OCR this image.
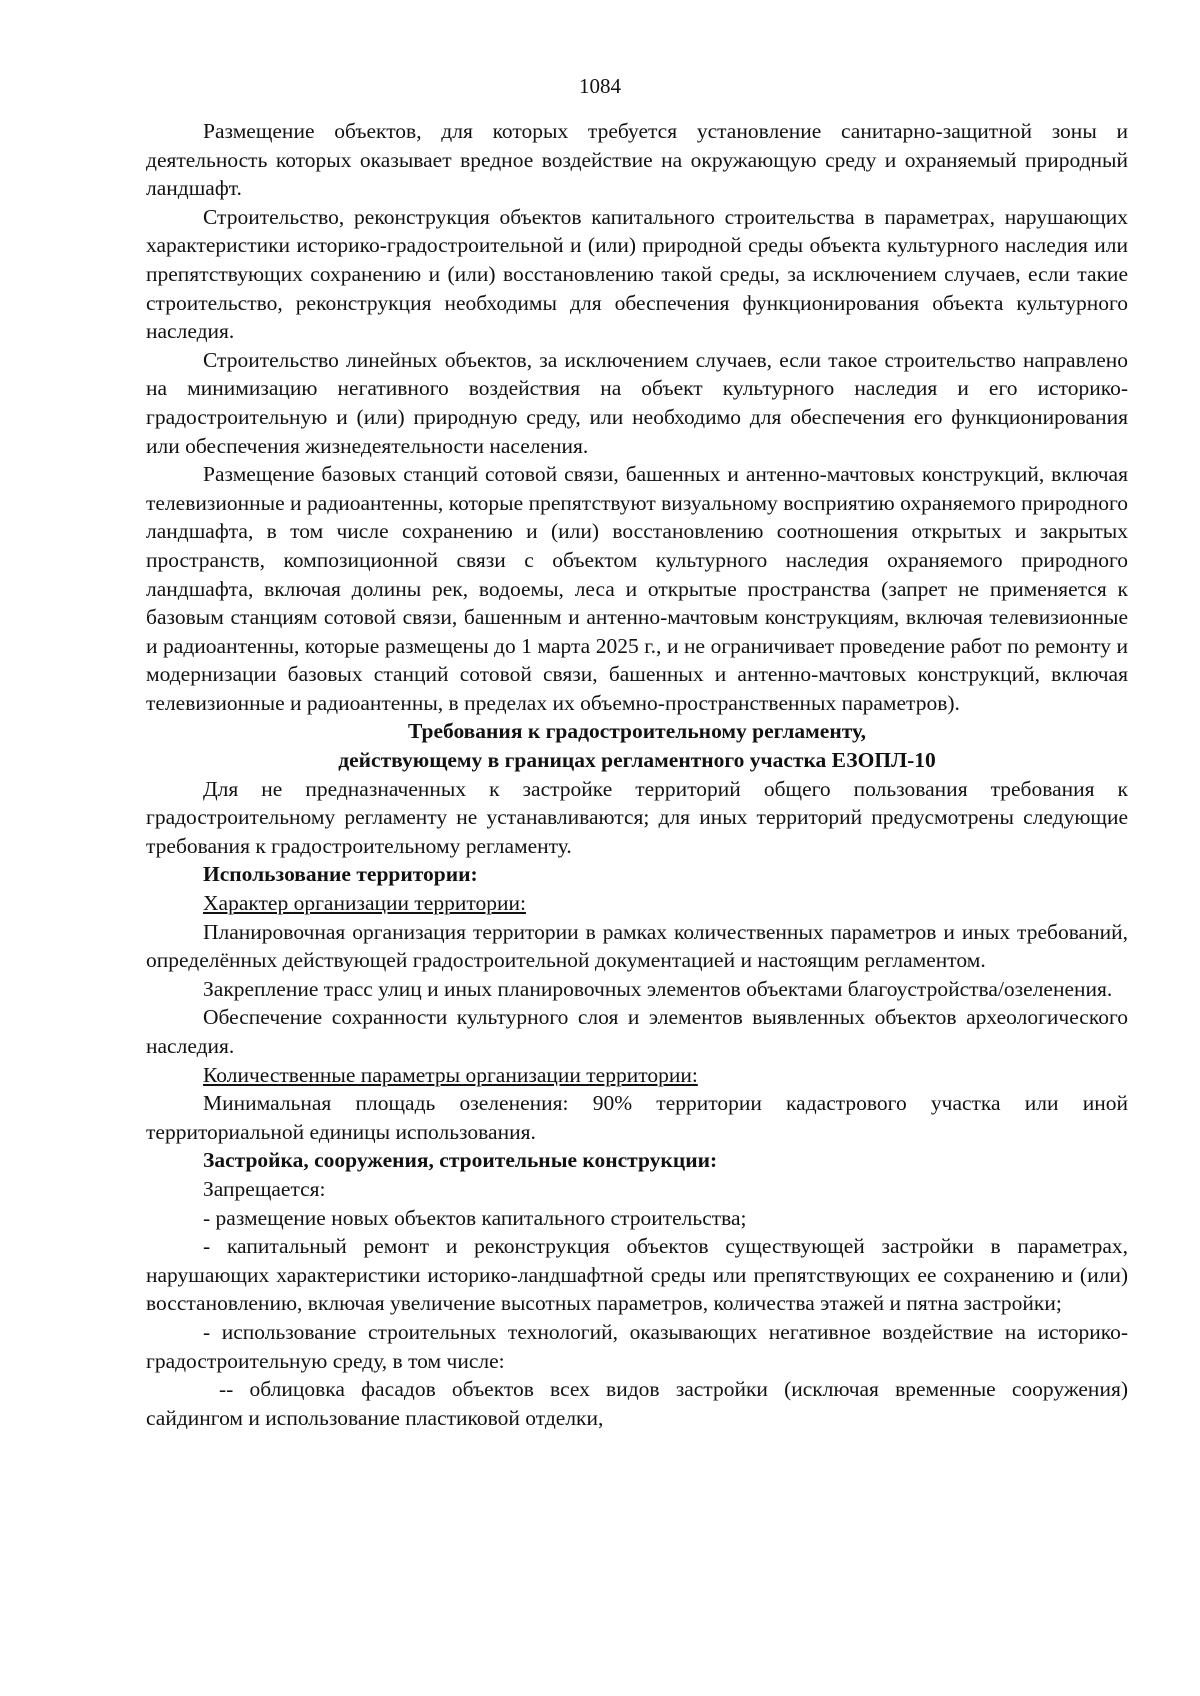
1084

Размещение объектов, для которых требуется установление санитарно-защитной зоны и деятельность которых оказывает вредное воздействие на окружающую среду и охраняемый природный ландшафт.

Строительство, реконструкция объектов капитального строительства в параметрах, нарушающих характеристики историко-градостроительной и (или) природной среды объекта культурного наследия или препятствующих сохранению и (или) восстановлению такой среды, за исключением случаев, если такие строительство, реконструкция необходимы для обеспечения функционирования объекта культурного наследия.

Строительство линейных объектов, за исключением случаев, если такое строительство направлено на минимизацию негативного воздействия на объект культурного наследия и его историко-градостроительную и (или) природную среду, или необходимо для обеспечения его функционирования или обеспечения жизнедеятельности населения.

Размещение базовых станций сотовой связи, башенных и антенно-мачтовых конструкций, включая телевизионные и радиоантенны, которые препятствуют визуальному восприятию охраняемого природного ландшафта, в том числе сохранению и (или) восстановлению соотношения открытых и закрытых пространств, композиционной связи с объектом культурного наследия охраняемого природного ландшафта, включая долины рек, водоемы, леса и открытые пространства (запрет не применяется к базовым станциям сотовой связи, башенным и антенно-мачтовым конструкциям, включая телевизионные и радиоантенны, которые размещены до 1 марта 2025 г., и не ограничивает проведение работ по ремонту и модернизации базовых станций сотовой связи, башенных и антенно-мачтовых конструкций, включая телевизионные и радиоантенны, в пределах их объемно-пространственных параметров).

Требования к градостроительному регламенту,

действующему в границах регламентного участка ЕЗОПЛ-10

Для не предназначенных к застройке территорий общего пользования требования к градостроительному регламенту не устанавливаются; для иных территорий предусмотрены следующие требования к градостроительному регламенту.

Использование территории:

Характер организации территории:

Планировочная организация территории в рамках количественных параметров и иных требований, определённых действующей градостроительной документацией и настоящим регламентом.

Закрепление трасс улиц и иных планировочных элементов объектами благоустройства/озеленения.

Обеспечение сохранности культурного слоя и элементов выявленных объектов археологического наследия.

Количественные параметры организации территории:

Минимальная площадь озеленения: 90% территории кадастрового участка или иной территориальной единицы использования.

Застройка, сооружения, строительные конструкции:

Запрещается:

- размещение новых объектов капитального строительства;

- капитальный ремонт и реконструкция объектов существующей застройки в параметрах, нарушающих характеристики историко-ландшафтной среды или препятствующих ее сохранению и (или) восстановлению, включая увеличение высотных параметров, количества этажей и пятна застройки;

- использование строительных технологий, оказывающих негативное воздействие на историко-градостроительную среду, в том числе:

-- облицовка фасадов объектов всех видов застройки (исключая временные сооружения) сайдингом и использование пластиковой отделки,
